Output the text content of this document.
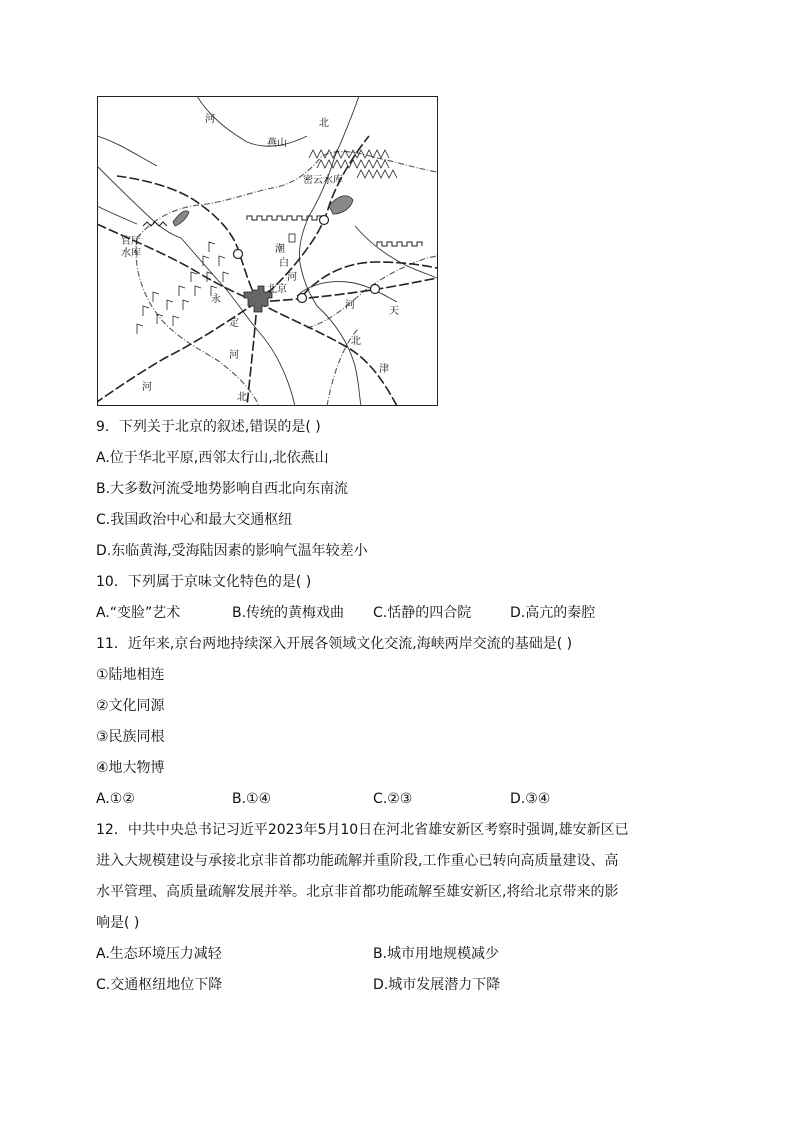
河	北
燕山
密云水库
官厅
水库	潮
白
河
北京
永
定
河
河
北
天
津
河
北
9．下列关于北京的叙述,错误的是( )
A.位于华北平原,西邻太行山,北依燕山
B.大多数河流受地势影响自西北向东南流
C.我国政治中心和最大交通枢纽
D.东临黄海,受海陆因素的影响气温年较差小
10．下列属于京味文化特色的是( )
A.“变脸”艺术	B.传统的黄梅戏曲 C.恬静的四合院	D.高亢的秦腔
11．近年来,京台两地持续深入开展各领域文化交流,海峡两岸交流的基础是( )
①陆地相连
②文化同源
③民族同根
④地大物博
A.①②	B.①④	C.②③	D.③④
12．中共中央总书记习近平2023年5月10日在河北省雄安新区考察时强调,雄安新区已
进入大规模建设与承接北京非首都功能疏解并重阶段,工作重心已转向高质量建设、高
水平管理、高质量疏解发展并举。北京非首都功能疏解至雄安新区,将给北京带来的影
响是( )
A.生态环境压力减轻	B.城市用地规模减少
C.交通枢纽地位下降	D.城市发展潜力下降
